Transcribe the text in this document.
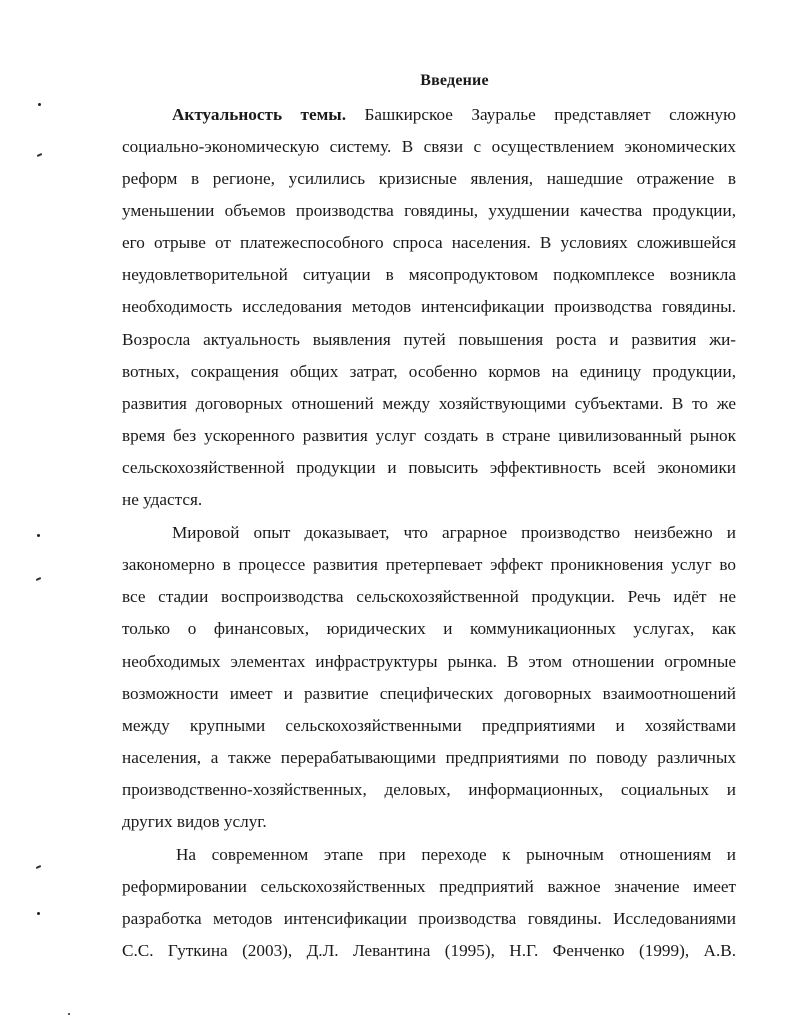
Введение
Актуальность темы. Башкирское Зауралье представляет сложную
социально-экономическую систему. В связи с осуществлением экономических
реформ в регионе, усилились кризисные явления, нашедшие отражение в
уменьшении объемов производства говядины, ухудшении качества продукции,
его отрыве от платежеспособного спроса населения. В условиях сложившейся
неудовлетворительной ситуации в мясопродуктовом подкомплексе возникла
необходимость исследования методов интенсификации производства говядины.
Возросла актуальность выявления путей повышения роста и развития жи-
вотных, сокращения общих затрат, особенно кормов на единицу продукции,
развития договорных отношений между хозяйствующими субъектами. В то же
время без ускоренного развития услуг создать в стране цивилизованный рынок
сельскохозяйственной продукции и повысить эффективность всей экономики
не удастся.
Мировой опыт доказывает, что аграрное производство неизбежно и
закономерно в процессе развития претерпевает эффект проникновения услуг во
все стадии воспроизводства сельскохозяйственной продукции. Речь идёт не
только о финансовых, юридических и коммуникационных услугах, как
необходимых элементах инфраструктуры рынка. В этом отношении огромные
возможности имеет и развитие специфических договорных взаимоотношений
между крупными сельскохозяйственными предприятиями и хозяйствами
населения, а также перерабатывающими предприятиями по поводу различных
производственно-хозяйственных, деловых, информационных, социальных и
других видов услуг.
На современном этапе при переходе к рыночным отношениям и
реформировании сельскохозяйственных предприятий важное значение имеет
разработка методов интенсификации производства говядины. Исследованиями
С.С. Гуткина (2003), Д.Л. Левантина (1995), Н.Г. Фенченко (1999), А.В.
